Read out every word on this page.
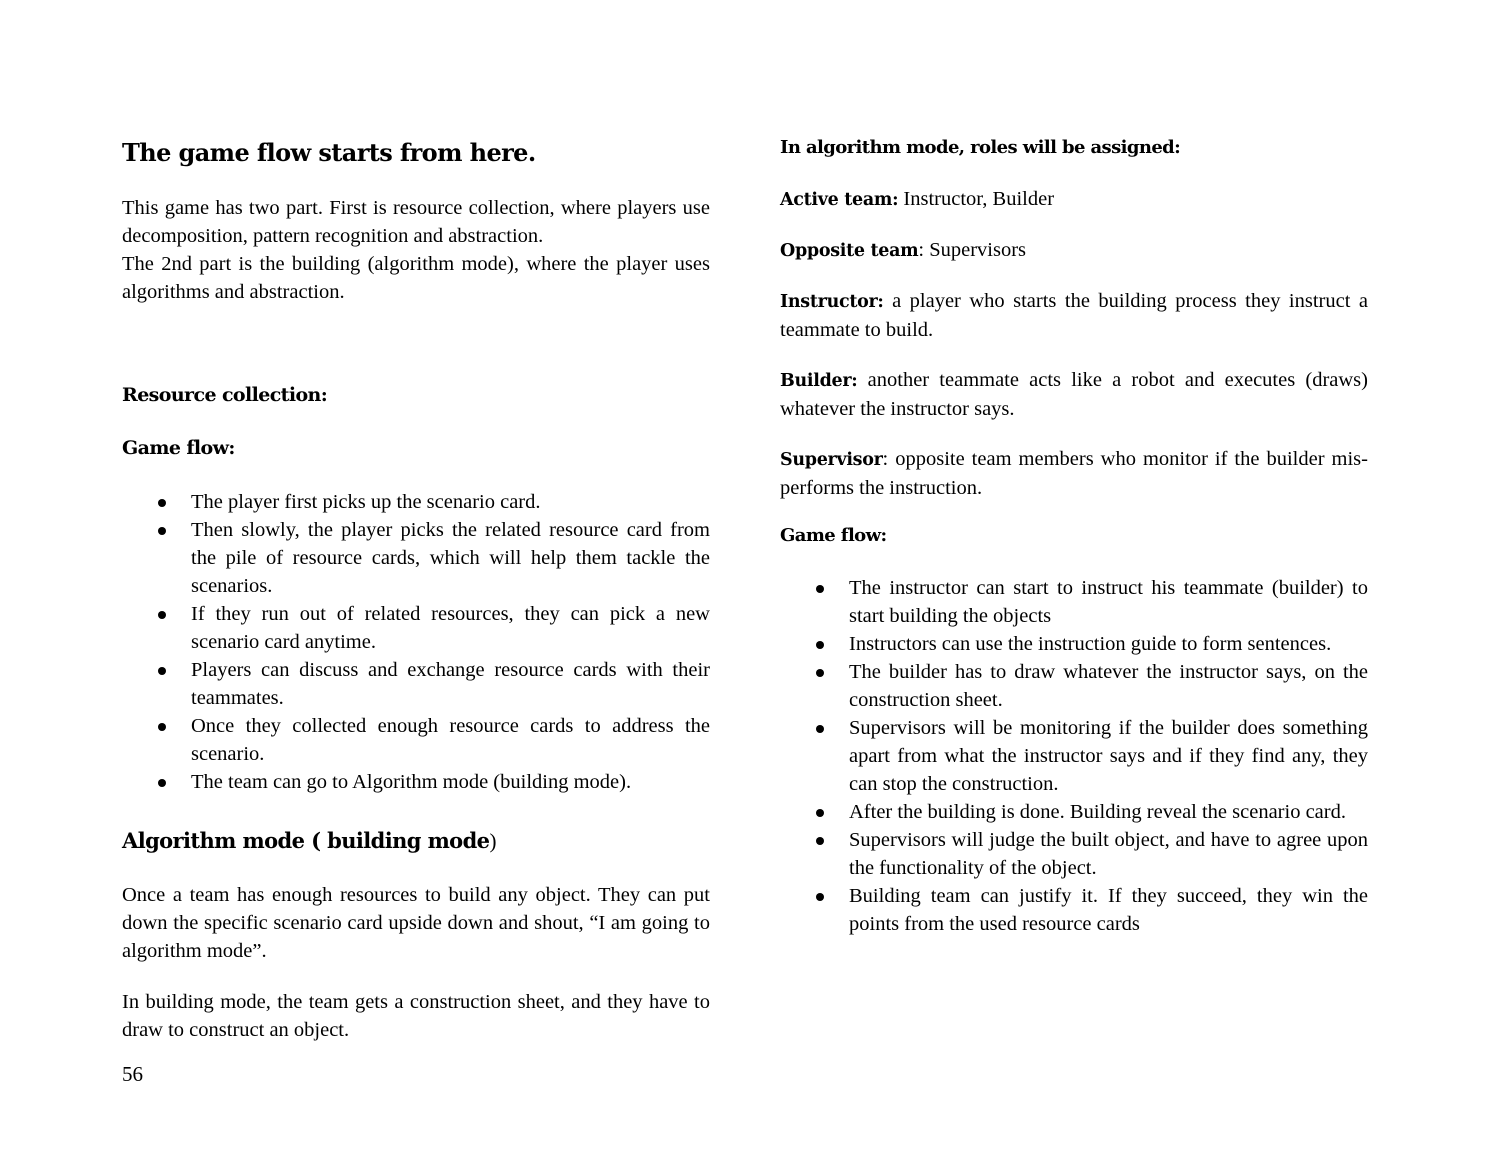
The game flow starts from here.
This game has two part. First is resource collection, where players use decomposition, pattern recognition and abstraction.
The 2nd part is the building (algorithm mode), where the player uses algorithms and abstraction.
Resource collection:
Game flow:
The player first picks up the scenario card.
Then slowly, the player picks the related resource card from the pile of resource cards, which will help them tackle the scenarios.
If they run out of related resources, they can pick a new scenario card anytime.
Players can discuss and exchange resource cards with their teammates.
Once they collected enough resource cards to address the scenario.
The team can go to Algorithm mode (building mode).
Algorithm mode ( building mode)

Once a team has enough resources to build any object. They can put down the specific scenario card upside down and shout, “I am going to algorithm mode”.

In building mode, the team gets a construction sheet, and they have to draw to construct an object.

56
In algorithm mode, roles will be assigned:

Active team: Instructor, Builder

Opposite team: Supervisors

Instructor: a player who starts the building process they instruct a teammate to build.

Builder: another teammate acts like a robot and executes (draws) whatever the instructor says.

Supervisor: opposite team members who monitor if the builder mis-performs the instruction.

Game flow:
The instructor can start to instruct his teammate (builder) to start building the objects
Instructors can use the instruction guide to form sentences.
The builder has to draw whatever the instructor says, on the construction sheet.
Supervisors will be monitoring if the builder does something apart from what the instructor says and if they find any, they can stop the construction.
After the building is done. Building reveal the scenario card.
Supervisors will judge the built object, and have to agree upon the functionality of the object.
Building team can justify it. If they succeed, they win the points from the used resource cards
